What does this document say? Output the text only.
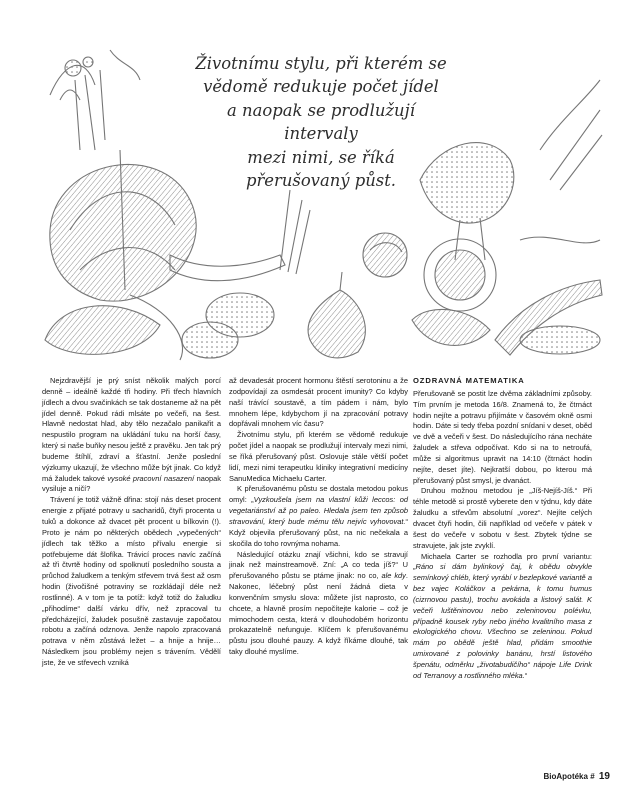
Životnímu stylu, při kterém se
vědomě redukuje počet jídel
a naopak se prodlužují intervaly
mezi nimi, se říká
přerušovaný půst.

Nejzdravější je prý sníst několik malých porcí denně – ideálně každé tři hodiny. Při třech hlavních jídlech a dvou svačinkách se tak dostaneme až na pět jídel denně. Pokud rádi mlsáte po večeři, na šest. Hlavně nedostat hlad, aby tělo nezačalo panikařit a nespustilo program na ukládání tuku na horší časy, který si naše buňky nesou ještě z pravěku. Jen tak prý budeme štíhlí, zdraví a šťastní. Jenže poslední výzkumy ukazují, že všechno může být jinak. Co když má žaludek takové vysoké pracovní nasazení naopak vysiluje a ničí?

Trávení je totiž vážně dřina: stojí nás deset procent energie z přijaté potravy u sacharidů, čtyři procenta u tuků a dokonce až dvacet pět procent u bílkovin (!). Proto je nám po některých obědech „vypečených“ jídlech tak těžko a místo přívalu energie si potřebujeme dát šlofíka. Trávicí proces navíc začíná až tři čtvrtě hodiny od spolknutí posledního sousta a průchod žaludkem a tenkým střevem trvá šest až osm hodin (živočišné potraviny se rozkládají déle než rostlinné). A v tom je ta potíž: když totiž do žaludku „přihodíme“ další várku dřív, než zpracoval tu předcházející, žaludek posušně zastavuje započatou robotu a začíná odznova. Jenže napolo zpracovaná potrava v něm zůstává ležet – a hnije a hnije… Následkem jsou problémy nejen s trávením. Vědělí jste, že ve střevech vzniká

až devadesát procent hormonu štěstí serotoninu a že zodpovídají za osmdesát procent imunity? Co kdyby naší trávící soustavě, a tím pádem i nám, bylo mnohem lépe, kdybychom jí na zpracování potravy dopřávali mnohem víc času?

Životnímu stylu, při kterém se vědomě redukuje počet jídel a naopak se prodlužují intervaly mezi nimi, se říká přerušovaný půst. Oslovuje stále větší počet lidí, mezi nimi terapeutku kliniky integrativní medicíny SanuMedica Michaelu Carter.

K přerušovanému půstu se dostala metodou pokus omyl: „Vyzkoušela jsem na vlastní kůži leccos: od vegetariánství až po paleo. Hledala jsem ten způsob stravování, který bude mému tělu nejvíc vyhovovat.“ Když objevila přerušovaný půst, na nic nečekala a skočila do toho rovnýma nohama.

Následující otázku znají všichni, kdo se stravují jinak než mainstreamově. Zní: „A co teda jíš?“ U přerušovaného půstu se ptáme jinak: no co, ale kdy. Nakonec, léčebný půst není žádná dieta v konvenčním smyslu slova: můžete jíst naprosto, co chcete, a hlavně prosím nepočítejte kalorie – což je mimochodem cesta, která v dlouhodobém horizontu prokazatelně nefunguje. Klíčem k přerušovanému půstu jsou dlouhé pauzy. A když říkáme dlouhé, tak taky dlouhé myslíme.

OZDRAVNÁ MATEMATIKA

Přerušovaně se postit lze dvěma základními způsoby. Tím prvním je metoda 16/8. Znamená to, že čtrnáct hodin nejíte a potravu přijímáte v časovém okně osmi hodin. Dáte si tedy třeba pozdní snídani v deset, oběd ve dvě a večeři v šest. Do následujícího rána necháte žaludek a střeva odpočívat. Kdo si na to netroufá, může si algoritmus upravit na 14:10 (čtrnáct hodin nejíte, deset jíte). Nejkratší dobou, po kterou má přerušovaný půst smysl, je dvanáct.

Druhou možnou metodou je „Jíš-Nejíš-Jíš.“ Při téhle metodě si prostě vyberete den v týdnu, kdy dáte žaludku a střevům absolutní „vorez“. Nejíte celých dvacet čtyři hodin, čili například od večeře v pátek v šest do večeře v sobotu v šest. Zbytek týdne se stravujete, jak jste zvyklí.

Michaela Carter se rozhodla pro první variantu: „Ráno si dám bylinkový čaj, k obědu obvykle semínkový chléb, který vyrábí v bezlepkové variantě a bez vajec Koláčkov a pekárna, k tomu humus (cizrnovou pastu), trochu avokáda a listový salát. K večeři luštěninovou nebo zeleninovou polévku, případně kousek ryby nebo jiného kvalitního masa z ekologického chovu. Všechno se zeleninou. Pokud mám po obědě ještě hlad, přidám smoothie umixované z polovinky banánu, hrstí listového špenátu, odměrku „životabudičího“ nápoje Life Drink od Terranovy a rostlinného mléka.“

BioApotéka # 19
